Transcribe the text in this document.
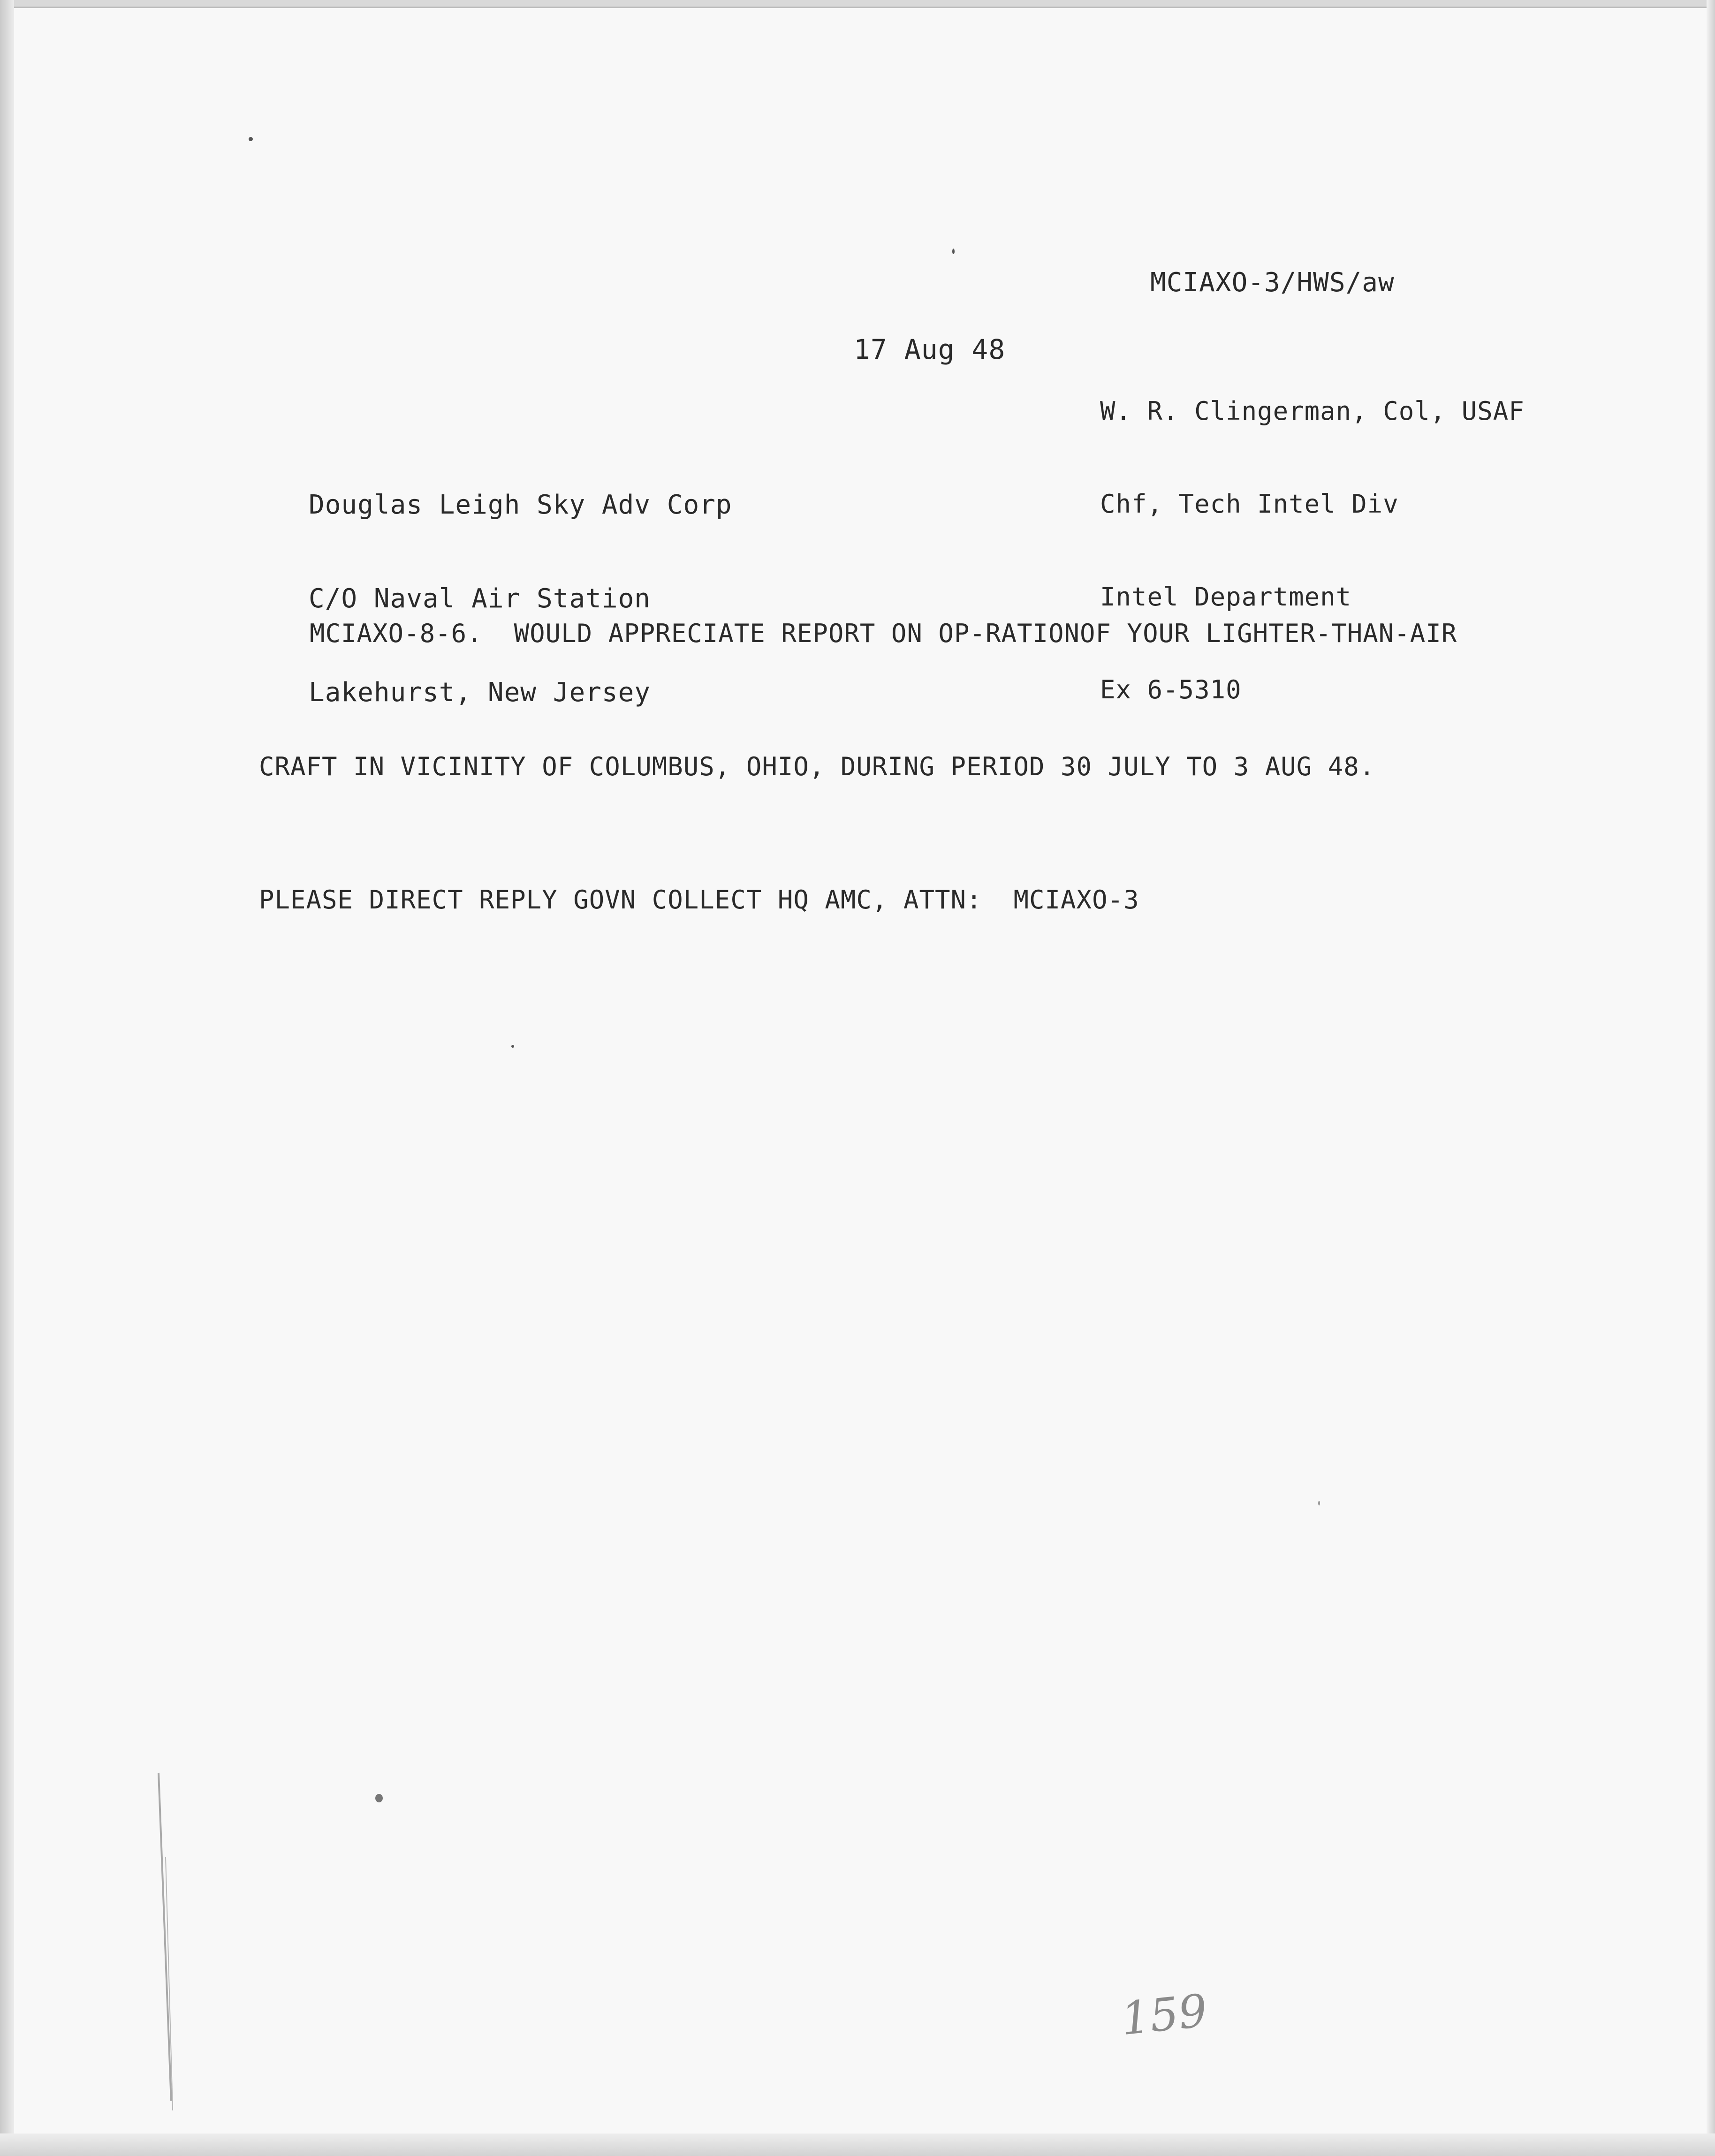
MCIAXO-3/HWS/aw
17 Aug 48

W. R. Clingerman, Col, USAF

Chf, Tech Intel Div

Intel Department

Ex 6-5310

Douglas Leigh Sky Adv Corp

C/O Naval Air Station

Lakehurst, New Jersey

MCIAXO-8-6.  WOULD APPRECIATE REPORT ON OP-RATIONOF YOUR LIGHTER-THAN-AIR

CRAFT IN VICINITY OF COLUMBUS, OHIO, DURING PERIOD 30 JULY TO 3 AUG 48.

PLEASE DIRECT REPLY GOVN COLLECT HQ AMC, ATTN:  MCIAXO-3

159
